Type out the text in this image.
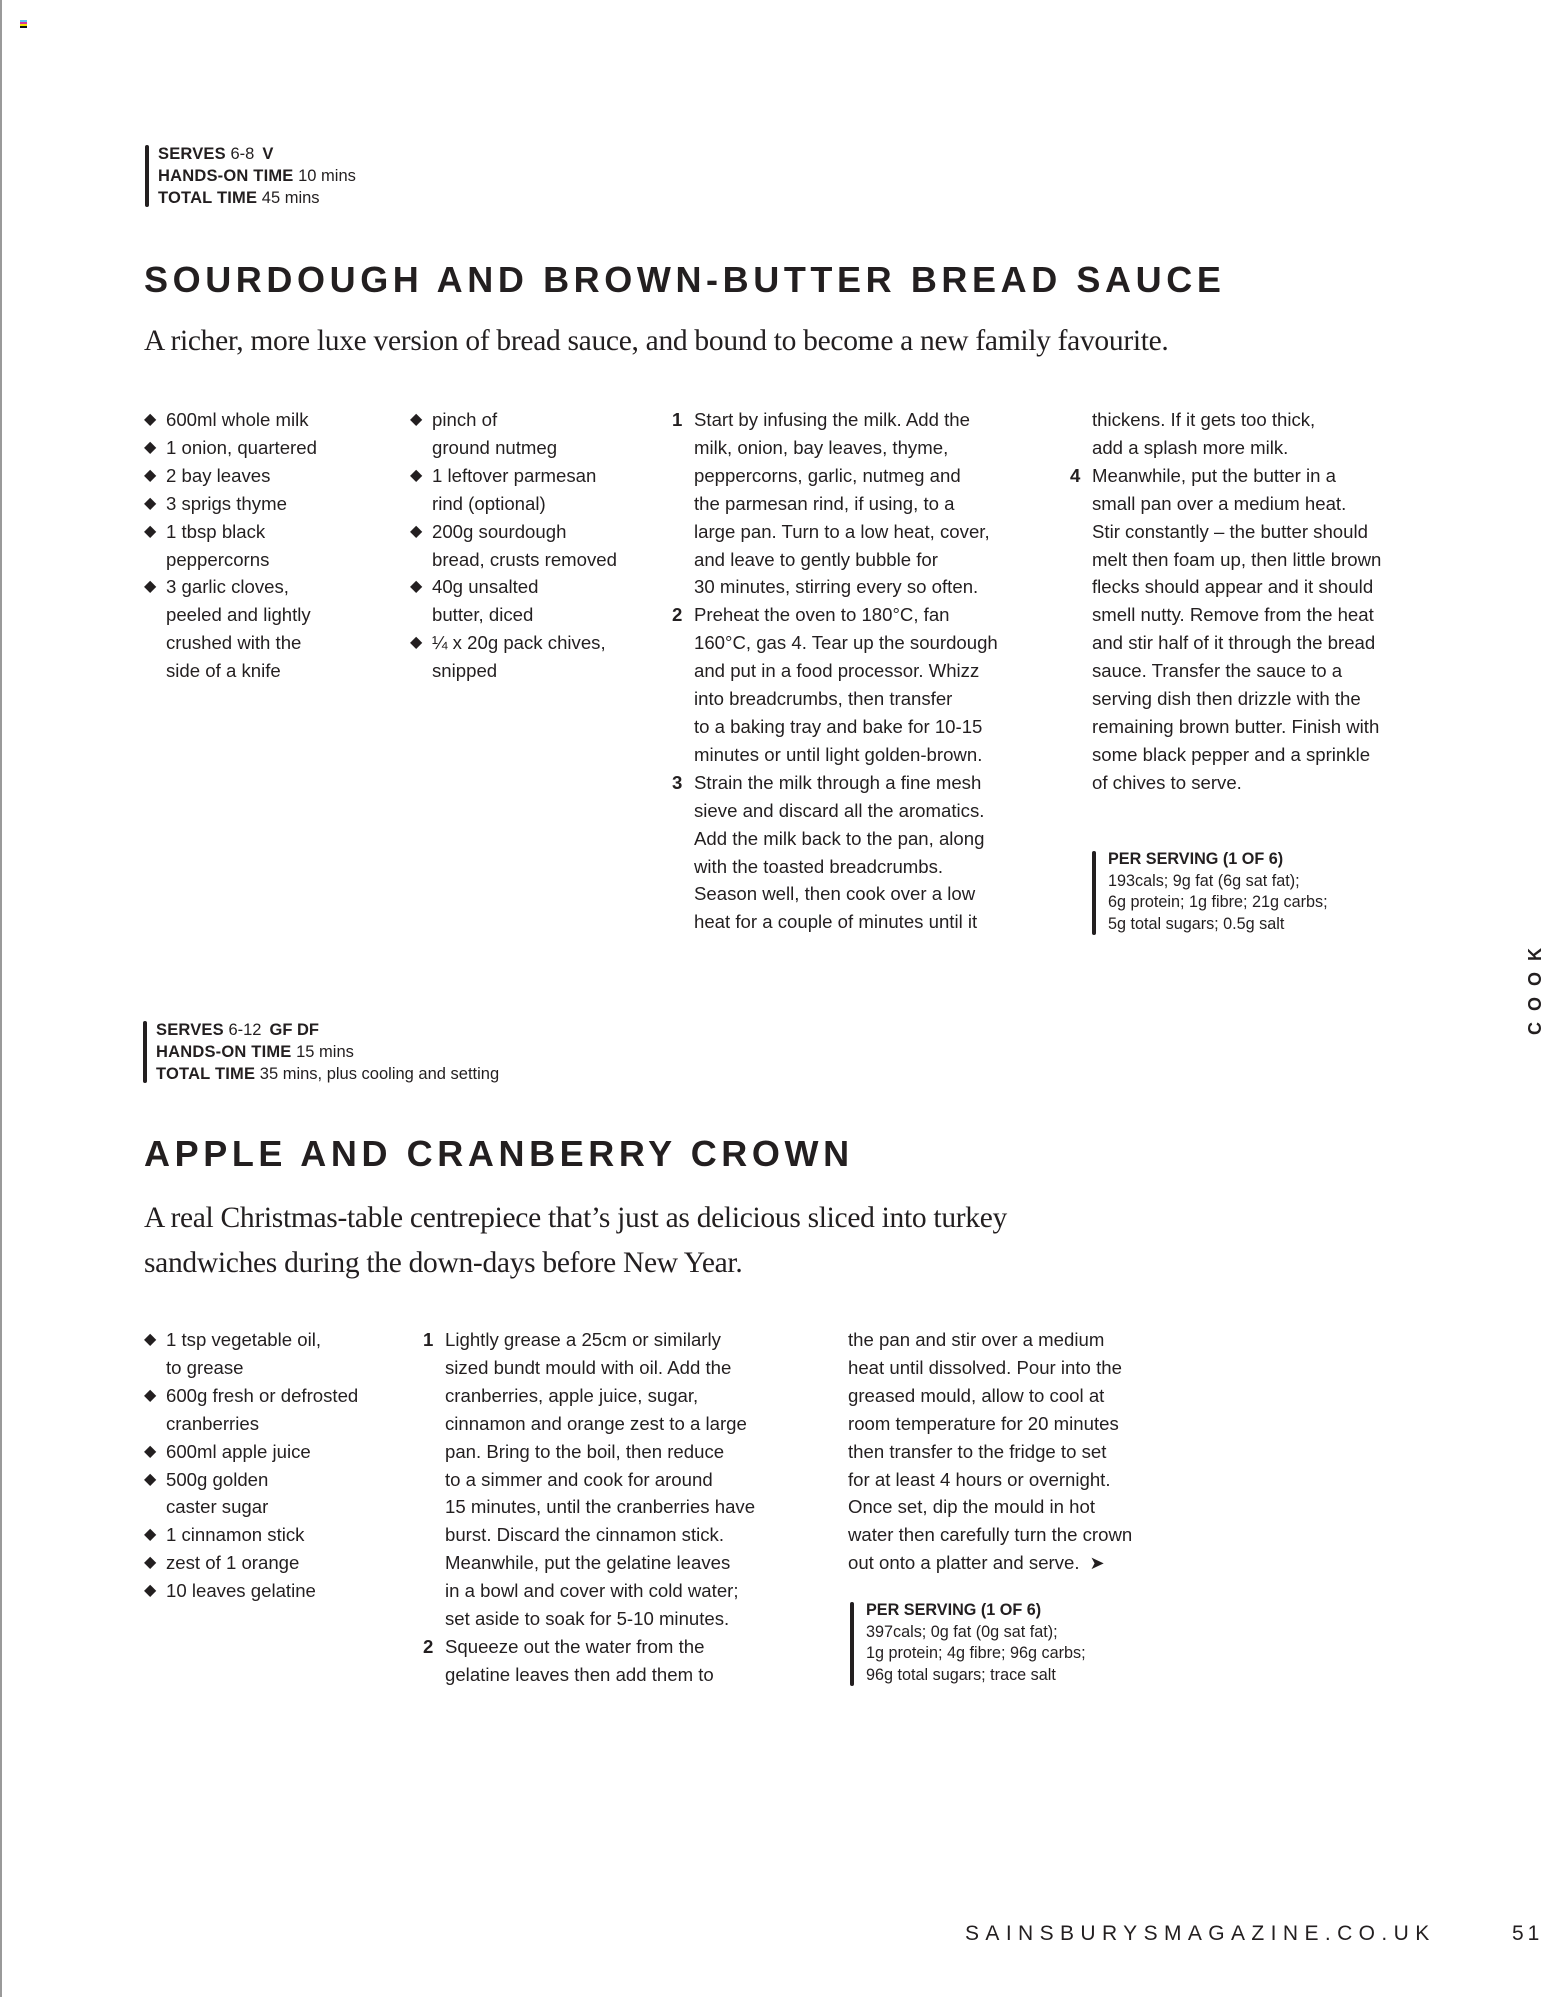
SERVES 6-8 V
HANDS-ON TIME 10 mins
TOTAL TIME 45 mins
SOURDOUGH AND BROWN-BUTTER BREAD SAUCE

A richer, more luxe version of bread sauce, and bound to become a new family favourite.

◆ 600ml whole milk
◆ 1 onion, quartered
◆ 2 bay leaves
◆ 3 sprigs thyme
◆ 1 tbsp black
peppercorns
◆ 3 garlic cloves,
peeled and lightly
crushed with the
side of a knife
◆ pinch of
ground nutmeg
◆ 1 leftover parmesan
rind (optional)
◆ 200g sourdough
bread, crusts removed
◆ 40g unsalted
butter, diced
◆ ¼ x 20g pack chives,
snipped
1 Start by infusing the milk. Add the
milk, onion, bay leaves, thyme,
peppercorns, garlic, nutmeg and
the parmesan rind, if using, to a
large pan. Turn to a low heat, cover,
and leave to gently bubble for
30 minutes, stirring every so often.
2 Preheat the oven to 180°C, fan
160°C, gas 4. Tear up the sourdough
and put in a food processor. Whizz
into breadcrumbs, then transfer
to a baking tray and bake for 10-15
minutes or until light golden-brown.
3 Strain the milk through a fine mesh
sieve and discard all the aromatics.
Add the milk back to the pan, along
with the toasted breadcrumbs.
Season well, then cook over a low
heat for a couple of minutes until it
thickens. If it gets too thick,
add a splash more milk.
4 Meanwhile, put the butter in a
small pan over a medium heat.
Stir constantly – the butter should
melt then foam up, then little brown
flecks should appear and it should
smell nutty. Remove from the heat
and stir half of it through the bread
sauce. Transfer the sauce to a
serving dish then drizzle with the
remaining brown butter. Finish with
some black pepper and a sprinkle
of chives to serve.
PER SERVING (1 OF 6)
193cals; 9g fat (6g sat fat);
6g protein; 1g fibre; 21g carbs;
5g total sugars; 0.5g salt
COOK
SERVES 6-12 GF DF
HANDS-ON TIME 15 mins
TOTAL TIME 35 mins, plus cooling and setting
APPLE AND CRANBERRY CROWN
A real Christmas-table centrepiece that’s just as delicious sliced into turkey
sandwiches during the down-days before New Year.
◆ 1 tsp vegetable oil,
to grease
◆ 600g fresh or defrosted
cranberries
◆ 600ml apple juice
◆ 500g golden
caster sugar
◆ 1 cinnamon stick
◆ zest of 1 orange
◆ 10 leaves gelatine
1 Lightly grease a 25cm or similarly
sized bundt mould with oil. Add the
cranberries, apple juice, sugar,
cinnamon and orange zest to a large
pan. Bring to the boil, then reduce
to a simmer and cook for around
15 minutes, until the cranberries have
burst. Discard the cinnamon stick.
Meanwhile, put the gelatine leaves
in a bowl and cover with cold water;
set aside to soak for 5-10 minutes.
2 Squeeze out the water from the
gelatine leaves then add them to
the pan and stir over a medium
heat until dissolved. Pour into the
greased mould, allow to cool at
room temperature for 20 minutes
then transfer to the fridge to set
for at least 4 hours or overnight.
Once set, dip the mould in hot
water then carefully turn the crown
out onto a platter and serve. ➤
PER SERVING (1 OF 6)
397cals; 0g fat (0g sat fat);
1g protein; 4g fibre; 96g carbs;
96g total sugars; trace salt
SAINSBURYSMAGAZINE.CO.UK	51
